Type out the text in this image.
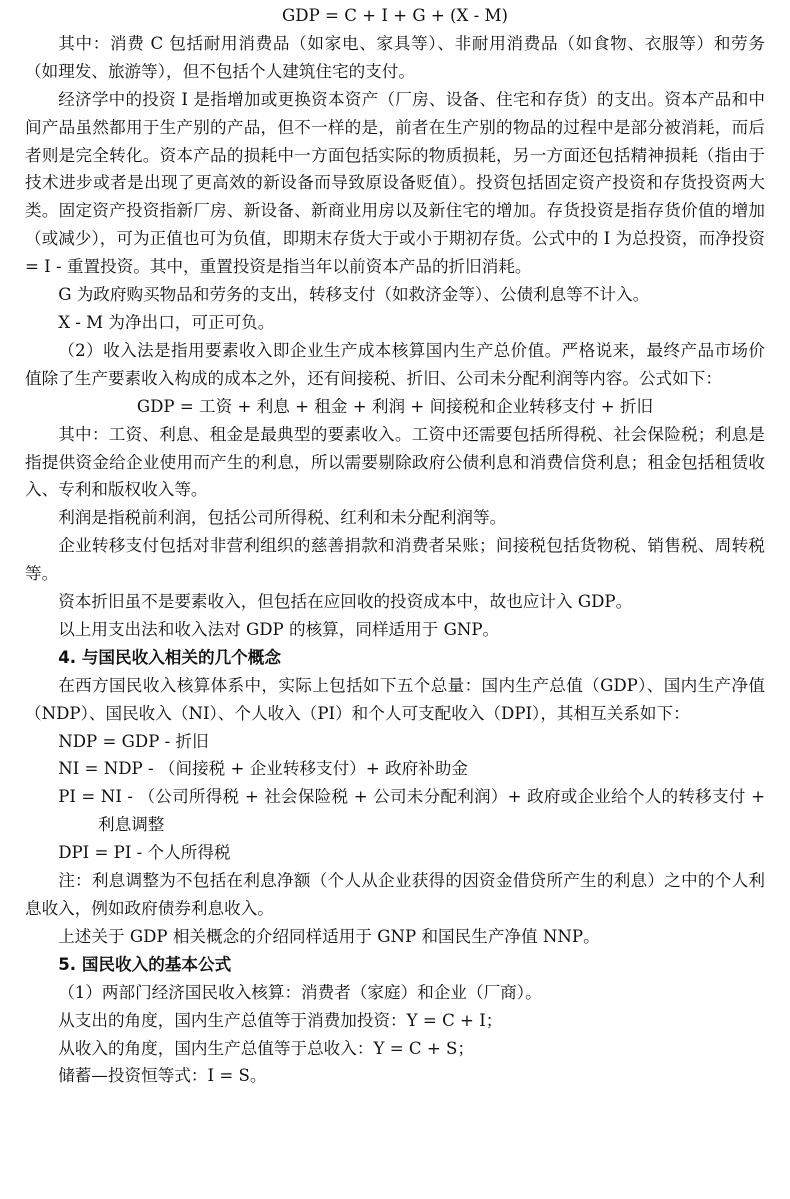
GDP = C + I + G + (X - M)

其中：消费 C 包括耐用消费品（如家电、家具等）、非耐用消费品（如食物、衣服等）和劳务（如理发、旅游等），但不包括个人建筑住宅的支付。

经济学中的投资 I 是指增加或更换资本资产（厂房、设备、住宅和存货）的支出。资本产品和中间产品虽然都用于生产别的产品，但不一样的是，前者在生产别的物品的过程中是部分被消耗，而后者则是完全转化。资本产品的损耗中一方面包括实际的物质损耗，另一方面还包括精神损耗（指由于技术进步或者是出现了更高效的新设备而导致原设备贬值）。投资包括固定资产投资和存货投资两大类。固定资产投资指新厂房、新设备、新商业用房以及新住宅的增加。存货投资是指存货价值的增加（或减少），可为正值也可为负值，即期末存货大于或小于期初存货。公式中的 I 为总投资，而净投资 = I - 重置投资。其中，重置投资是指当年以前资本产品的折旧消耗。

G 为政府购买物品和劳务的支出，转移支付（如救济金等）、公债利息等不计入。

X - M 为净出口，可正可负。

（2）收入法是指用要素收入即企业生产成本核算国内生产总价值。严格说来，最终产品市场价值除了生产要素收入构成的成本之外，还有间接税、折旧、公司未分配利润等内容。公式如下：

GDP = 工资 + 利息 + 租金 + 利润 + 间接税和企业转移支付 + 折旧

其中：工资、利息、租金是最典型的要素收入。工资中还需要包括所得税、社会保险税；利息是指提供资金给企业使用而产生的利息，所以需要剔除政府公债利息和消费信贷利息；租金包括租赁收入、专利和版权收入等。

利润是指税前利润，包括公司所得税、红利和未分配利润等。

企业转移支付包括对非营利组织的慈善捐款和消费者呆账；间接税包括货物税、销售税、周转税等。

资本折旧虽不是要素收入，但包括在应回收的投资成本中，故也应计入 GDP。

以上用支出法和收入法对 GDP 的核算，同样适用于 GNP。

4. 与国民收入相关的几个概念

在西方国民收入核算体系中，实际上包括如下五个总量：国内生产总值（GDP）、国内生产净值（NDP）、国民收入（NI）、个人收入（PI）和个人可支配收入（DPI），其相互关系如下：

NDP = GDP - 折旧

NI = NDP - （间接税 + 企业转移支付）+ 政府补助金

PI = NI - （公司所得税 + 社会保险税 + 公司未分配利润）+ 政府或企业给个人的转移支付 + 利息调整

DPI = PI - 个人所得税

注：利息调整为不包括在利息净额（个人从企业获得的因资金借贷所产生的利息）之中的个人利息收入，例如政府债券利息收入。

上述关于 GDP 相关概念的介绍同样适用于 GNP 和国民生产净值 NNP。

5. 国民收入的基本公式

（1）两部门经济国民收入核算：消费者（家庭）和企业（厂商）。

从支出的角度，国内生产总值等于消费加投资：Y = C + I；

从收入的角度，国内生产总值等于总收入：Y = C + S；

储蓄—投资恒等式：I = S。
